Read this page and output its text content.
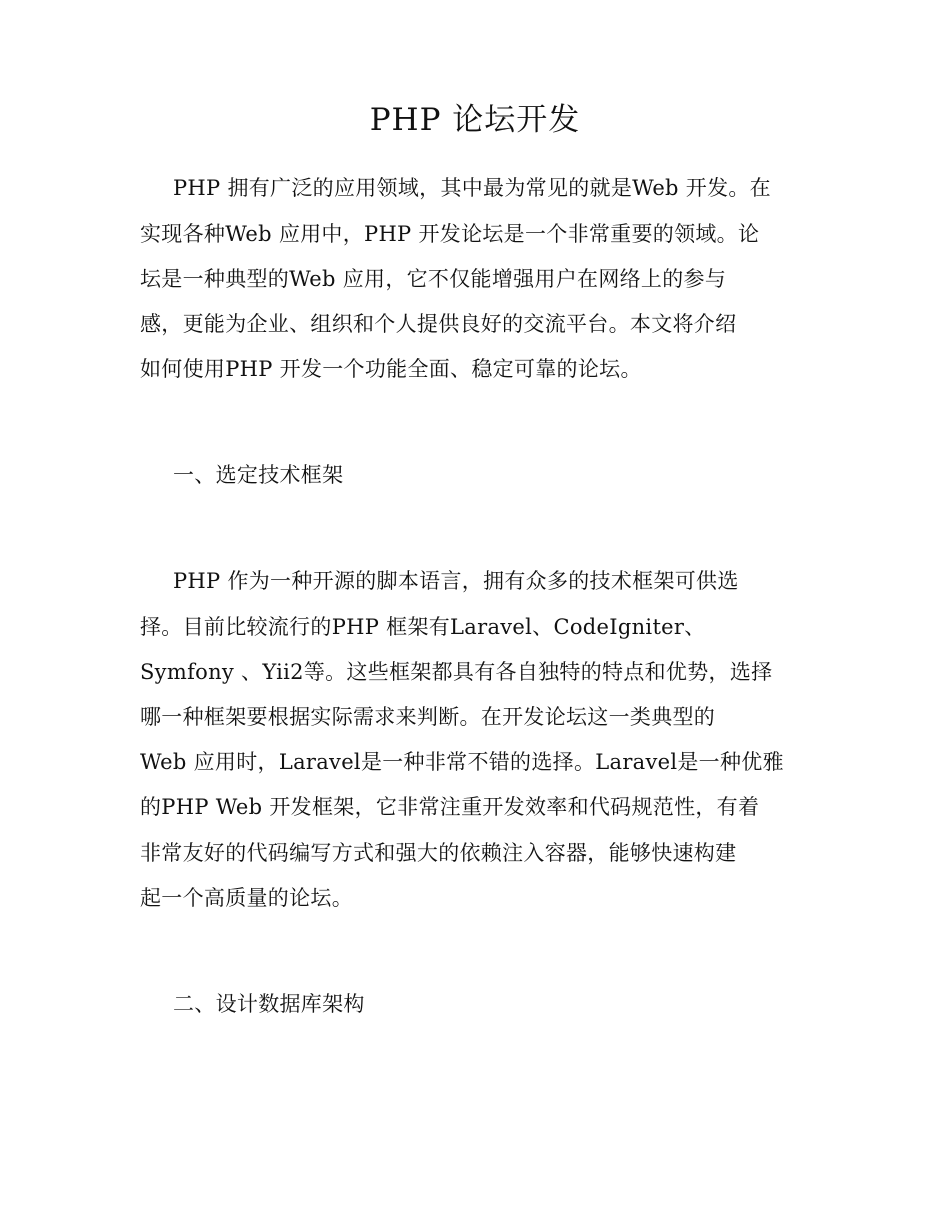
PHP 论坛开发
PHP 拥有广泛的应用领域，其中最为常见的就是Web 开发。在
实现各种Web 应用中，PHP 开发论坛是一个非常重要的领域。论
坛是一种典型的Web 应用，它不仅能增强用户在网络上的参与
感，更能为企业、组织和个人提供良好的交流平台。本文将介绍
如何使用PHP 开发一个功能全面、稳定可靠的论坛。
一、选定技术框架
PHP 作为一种开源的脚本语言，拥有众多的技术框架可供选
择。目前比较流行的PHP 框架有Laravel、CodeIgniter、
Symfony 、Yii2等。这些框架都具有各自独特的特点和优势，选择
哪一种框架要根据实际需求来判断。在开发论坛这一类典型的
Web 应用时，Laravel是一种非常不错的选择。Laravel是一种优雅
的PHP Web 开发框架，它非常注重开发效率和代码规范性，有着
非常友好的代码编写方式和强大的依赖注入容器，能够快速构建
起一个高质量的论坛。
二、设计数据库架构
